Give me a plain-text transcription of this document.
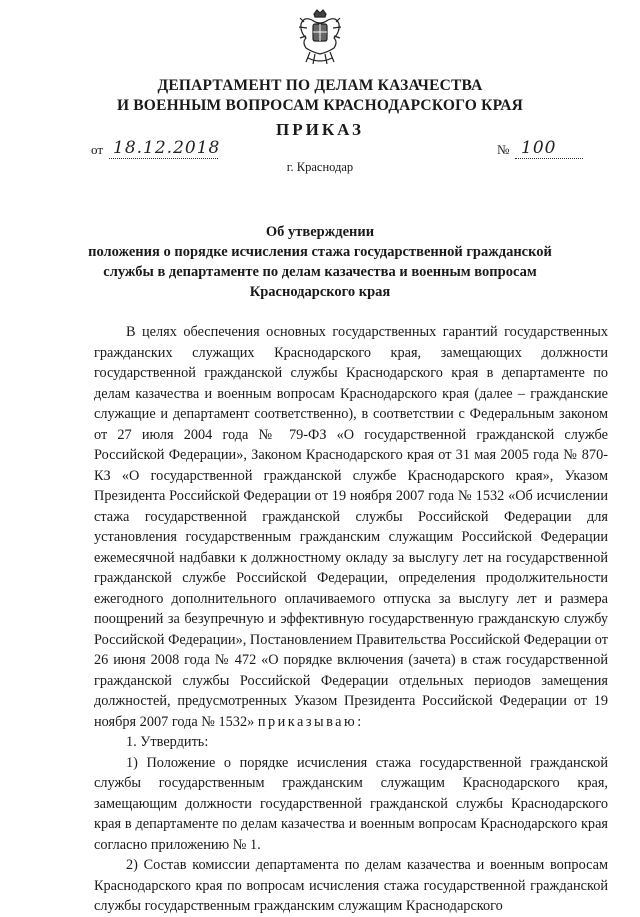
ДЕПАРТАМЕНТ ПО ДЕЛАМ КАЗАЧЕСТВА
И ВОЕННЫМ ВОПРОСАМ КРАСНОДАРСКОГО КРАЯ
ПРИКАЗ
от 18.12.2018	№ 100
г. Краснодар
Об утверждении
положения о порядке исчисления стажа государственной гражданской службы в департаменте по делам казачества и военным вопросам Краснодарского края

В целях обеспечения основных государственных гарантий государственных гражданских служащих Краснодарского края, замещающих должности государственной гражданской службы Краснодарского края в департаменте по делам казачества и военным вопросам Краснодарского края (далее – гражданские служащие и департамент соответственно), в соответствии с Федеральным законом от 27 июля 2004 года № 79-ФЗ «О государственной гражданской службе Российской Федерации», Законом Краснодарского края от 31 мая 2005 года № 870-КЗ «О государственной гражданской службе Краснодарского края», Указом Президента Российской Федерации от 19 ноября 2007 года № 1532 «Об исчислении стажа государственной гражданской службы Российской Федерации для установления государственным гражданским служащим Российской Федерации ежемесячной надбавки к должностному окладу за выслугу лет на государственной гражданской службе Российской Федерации, определения продолжительности ежегодного дополнительного оплачиваемого отпуска за выслугу лет и размера поощрений за безупречную и эффективную государственную гражданскую службу Российской Федерации», Постановлением Правительства Российской Федерации от 26 июня 2008 года № 472 «О порядке включения (зачета) в стаж государственной гражданской службы Российской Федерации отдельных периодов замещения должностей, предусмотренных Указом Президента Российской Федерации от 19 ноября 2007 года № 1532» приказываю:

1. Утвердить:

1) Положение о порядке исчисления стажа государственной гражданской службы государственным гражданским служащим Краснодарского края, замещающим должности государственной гражданской службы Краснодарского края в департаменте по делам казачества и военным вопросам Краснодарского края согласно приложению № 1.

2) Состав комиссии департамента по делам казачества и военным вопросам Краснодарского края по вопросам исчисления стажа государственной гражданской службы государственным гражданским служащим Краснодарского
